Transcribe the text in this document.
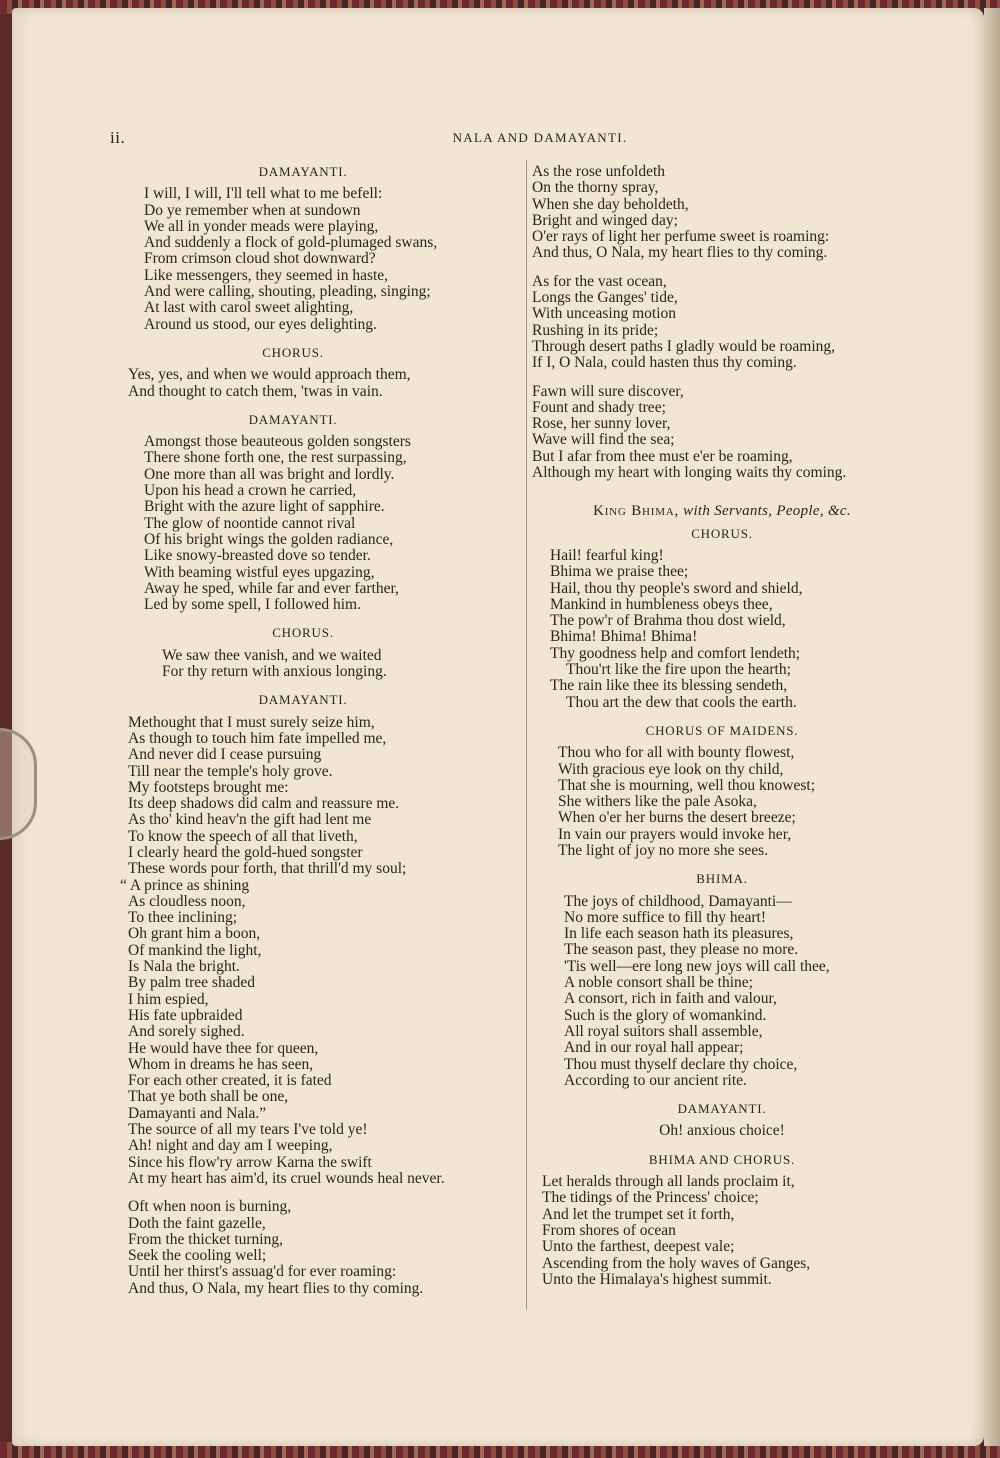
ii.	NALA AND DAMAYANTI.
DAMAYANTI.
I will, I will, I'll tell what to me befell:
Do ye remember when at sundown
We all in yonder meads were playing,
And suddenly a flock of gold-plumaged swans,
From crimson cloud shot downward?
Like messengers, they seemed in haste,
And were calling, shouting, pleading, singing;
At last with carol sweet alighting,
Around us stood, our eyes delighting.
CHORUS.
Yes, yes, and when we would approach them,
And thought to catch them, 'twas in vain.
DAMAYANTI.
Amongst those beauteous golden songsters
There shone forth one, the rest surpassing,
One more than all was bright and lordly.
Upon his head a crown he carried,
Bright with the azure light of sapphire.
The glow of noontide cannot rival
Of his bright wings the golden radiance,
Like snowy-breasted dove so tender.
With beaming wistful eyes upgazing,
Away he sped, while far and ever farther,
Led by some spell, I followed him.
CHORUS.
We saw thee vanish, and we waited
For thy return with anxious longing.
DAMAYANTI.
Methought that I must surely seize him,
As though to touch him fate impelled me,
And never did I cease pursuing
Till near the temple's holy grove.
My footsteps brought me:
Its deep shadows did calm and reassure me.
As tho' kind heav'n the gift had lent me
To know the speech of all that liveth,
I clearly heard the gold-hued songster
These words pour forth, that thrill'd my soul;
“ A prince as shining
As cloudless noon,
To thee inclining;
Oh grant him a boon,
Of mankind the light,
Is Nala the bright.
By palm tree shaded
I him espied,
His fate upbraided
And sorely sighed.
He would have thee for queen,
Whom in dreams he has seen,
For each other created, it is fated
That ye both shall be one,
Damayanti and Nala.”
The source of all my tears I've told ye!
Ah! night and day am I weeping,
Since his flow'ry arrow Karna the swift
At my heart has aim'd, its cruel wounds heal never.
Oft when noon is burning,
Doth the faint gazelle,
From the thicket turning,
Seek the cooling well;
Until her thirst's assuag'd for ever roaming:
And thus, O Nala, my heart flies to thy coming.
As the rose unfoldeth
On the thorny spray,
When she day beholdeth,
Bright and winged day;
O'er rays of light her perfume sweet is roaming:
And thus, O Nala, my heart flies to thy coming.
As for the vast ocean,
Longs the Ganges' tide,
With unceasing motion
Rushing in its pride;
Through desert paths I gladly would be roaming,
If I, O Nala, could hasten thus thy coming.
Fawn will sure discover,
Fount and shady tree;
Rose, her sunny lover,
Wave will find the sea;
But I afar from thee must e'er be roaming,
Although my heart with longing waits thy coming.
King Bhima, with Servants, People, &c.
CHORUS.
Hail! fearful king!
Bhima we praise thee;
Hail, thou thy people's sword and shield,
Mankind in humbleness obeys thee,
The pow'r of Brahma thou dost wield,
Bhima! Bhima! Bhima!
Thy goodness help and comfort lendeth;
Thou'rt like the fire upon the hearth;
The rain like thee its blessing sendeth,
Thou art the dew that cools the earth.
CHORUS OF MAIDENS.
Thou who for all with bounty flowest,
With gracious eye look on thy child,
That she is mourning, well thou knowest;
She withers like the pale Asoka,
When o'er her burns the desert breeze;
In vain our prayers would invoke her,
The light of joy no more she sees.
BHIMA.
The joys of childhood, Damayanti—
No more suffice to fill thy heart!
In life each season hath its pleasures,
The season past, they please no more.
'Tis well—ere long new joys will call thee,
A noble consort shall be thine;
A consort, rich in faith and valour,
Such is the glory of womankind.
All royal suitors shall assemble,
And in our royal hall appear;
Thou must thyself declare thy choice,
According to our ancient rite.
DAMAYANTI.
Oh! anxious choice!
BHIMA AND CHORUS.
Let heralds through all lands proclaim it,
The tidings of the Princess' choice;
And let the trumpet set it forth,
From shores of ocean
Unto the farthest, deepest vale;
Ascending from the holy waves of Ganges,
Unto the Himalaya's highest summit.
